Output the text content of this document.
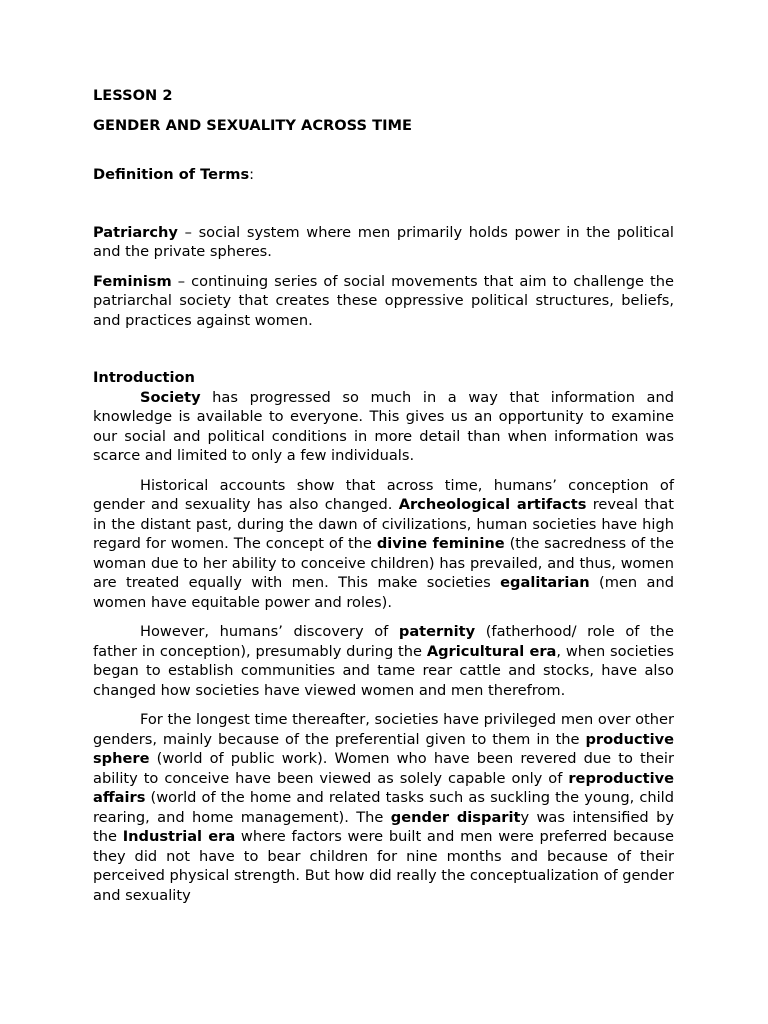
LESSON 2

GENDER AND SEXUALITY ACROSS TIME

Definition of Terms:

Patriarchy – social system where men primarily holds power in the political and the private spheres.

Feminism – continuing series of social movements that aim to challenge the patriarchal society that creates these oppressive political structures, beliefs, and practices against women.

Introduction

Society has progressed so much in a way that information and knowledge is available to everyone. This gives us an opportunity to examine our social and political conditions in more detail than when information was scarce and limited to only a few individuals.

Historical accounts show that across time, humans’ conception of gender and sexuality has also changed. Archeological artifacts reveal that in the distant past, during the dawn of civilizations, human societies have high regard for women. The concept of the divine feminine (the sacredness of the woman due to her ability to conceive children) has prevailed, and thus, women are treated equally with men. This make societies egalitarian (men and women have equitable power and roles).

However, humans’ discovery of paternity (fatherhood/ role of the father in conception), presumably during the Agricultural era, when societies began to establish communities and tame rear cattle and stocks, have also changed how societies have viewed women and men therefrom.

For the longest time thereafter, societies have privileged men over other genders, mainly because of the preferential given to them in the productive sphere (world of public work). Women who have been revered due to their ability to conceive have been viewed as solely capable only of reproductive affairs (world of the home and related tasks such as suckling the young, child rearing, and home management). The gender disparity was intensified by the Industrial era where factors were built and men were preferred because they did not have to bear children for nine months and because of their perceived physical strength. But how did really the conceptualization of gender and sexuality
